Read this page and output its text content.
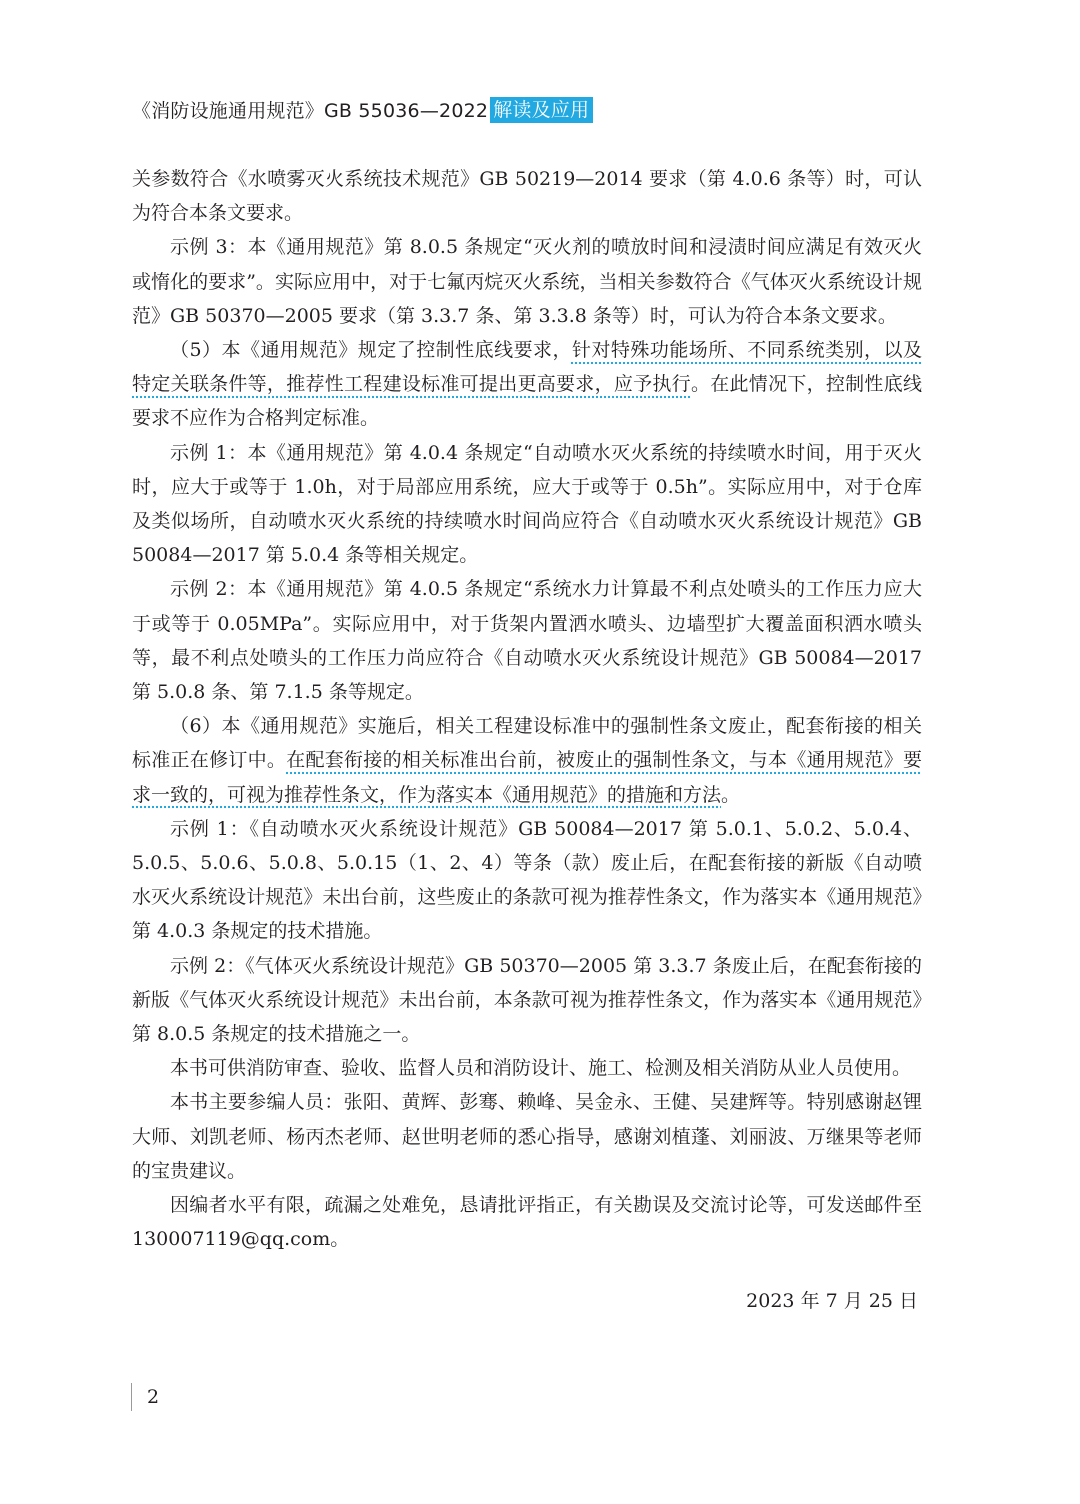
《消防设施通用规范》GB 55036—2022 解读及应用

关参数符合《水喷雾灭火系统技术规范》GB 50219—2014 要求（第 4.0.6 条等）时，可认为符合本条文要求。

示例 3：本《通用规范》第 8.0.5 条规定“灭火剂的喷放时间和浸渍时间应满足有效灭火或惰化的要求”。实际应用中，对于七氟丙烷灭火系统，当相关参数符合《气体灭火系统设计规范》GB 50370—2005 要求（第 3.3.7 条、第 3.3.8 条等）时，可认为符合本条文要求。

（5）本《通用规范》规定了控制性底线要求，针对特殊功能场所、不同系统类别，以及特定关联条件等，推荐性工程建设标准可提出更高要求，应予执行。在此情况下，控制性底线要求不应作为合格判定标准。

示例 1：本《通用规范》第 4.0.4 条规定“自动喷水灭火系统的持续喷水时间，用于灭火时，应大于或等于 1.0h，对于局部应用系统，应大于或等于 0.5h”。实际应用中，对于仓库及类似场所，自动喷水灭火系统的持续喷水时间尚应符合《自动喷水灭火系统设计规范》GB 50084—2017 第 5.0.4 条等相关规定。

示例 2：本《通用规范》第 4.0.5 条规定“系统水力计算最不利点处喷头的工作压力应大于或等于 0.05MPa”。实际应用中，对于货架内置洒水喷头、边墙型扩大覆盖面积洒水喷头等，最不利点处喷头的工作压力尚应符合《自动喷水灭火系统设计规范》GB 50084—2017 第 5.0.8 条、第 7.1.5 条等规定。

（6）本《通用规范》实施后，相关工程建设标准中的强制性条文废止，配套衔接的相关标准正在修订中。在配套衔接的相关标准出台前，被废止的强制性条文，与本《通用规范》要求一致的，可视为推荐性条文，作为落实本《通用规范》的措施和方法。

示例 1：《自动喷水灭火系统设计规范》GB 50084—2017 第 5.0.1、5.0.2、5.0.4、5.0.5、5.0.6、5.0.8、5.0.15（1、2、4）等条（款）废止后，在配套衔接的新版《自动喷水灭火系统设计规范》未出台前，这些废止的条款可视为推荐性条文，作为落实本《通用规范》第 4.0.3 条规定的技术措施。

示例 2：《气体灭火系统设计规范》GB 50370—2005 第 3.3.7 条废止后，在配套衔接的新版《气体灭火系统设计规范》未出台前，本条款可视为推荐性条文，作为落实本《通用规范》第 8.0.5 条规定的技术措施之一。

本书可供消防审查、验收、监督人员和消防设计、施工、检测及相关消防从业人员使用。

本书主要参编人员：张阳、黄辉、彭骞、赖峰、吴金永、王健、吴建辉等。特别感谢赵锂大师、刘凯老师、杨丙杰老师、赵世明老师的悉心指导，感谢刘植蓬、刘丽波、万继果等老师的宝贵建议。

因编者水平有限，疏漏之处难免，恳请批评指正，有关勘误及交流讨论等，可发送邮件至 130007119@qq.com。

2023 年 7 月 25 日
2
